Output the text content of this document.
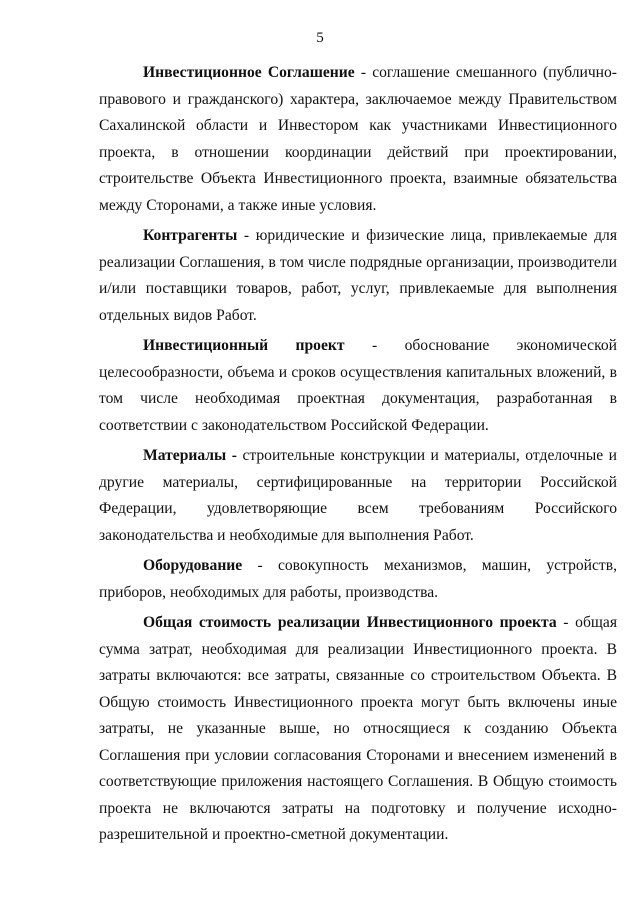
5

Инвестиционное Соглашение - соглашение смешанного (публично-правового и гражданского) характера, заключаемое между Правительством Сахалинской области и Инвестором как участниками Инвестиционного проекта, в отношении координации действий при проектировании, строительстве Объекта Инвестиционного проекта, взаимные обязательства между Сторонами, а также иные условия.

Контрагенты - юридические и физические лица, привлекаемые для реализации Соглашения, в том числе подрядные организации, производители и/или поставщики товаров, работ, услуг, привлекаемые для выполнения отдельных видов Работ.

Инвестиционный проект - обоснование экономической целесообразности, объема и сроков осуществления капитальных вложений, в том числе необходимая проектная документация, разработанная в соответствии с законодательством Российской Федерации.

Материалы - строительные конструкции и материалы, отделочные и другие материалы, сертифицированные на территории Российской Федерации, удовлетворяющие всем требованиям Российского законодательства и необходимые для выполнения Работ.

Оборудование - совокупность механизмов, машин, устройств, приборов, необходимых для работы, производства.

Общая стоимость реализации Инвестиционного проекта - общая сумма затрат, необходимая для реализации Инвестиционного проекта. В затраты включаются: все затраты, связанные со строительством Объекта. В Общую стоимость Инвестиционного проекта могут быть включены иные затраты, не указанные выше, но относящиеся к созданию Объекта Соглашения при условии согласования Сторонами и внесением изменений в соответствующие приложения настоящего Соглашения. В Общую стоимость проекта не включаются затраты на подготовку и получение исходно-разрешительной и проектно-сметной документации.
